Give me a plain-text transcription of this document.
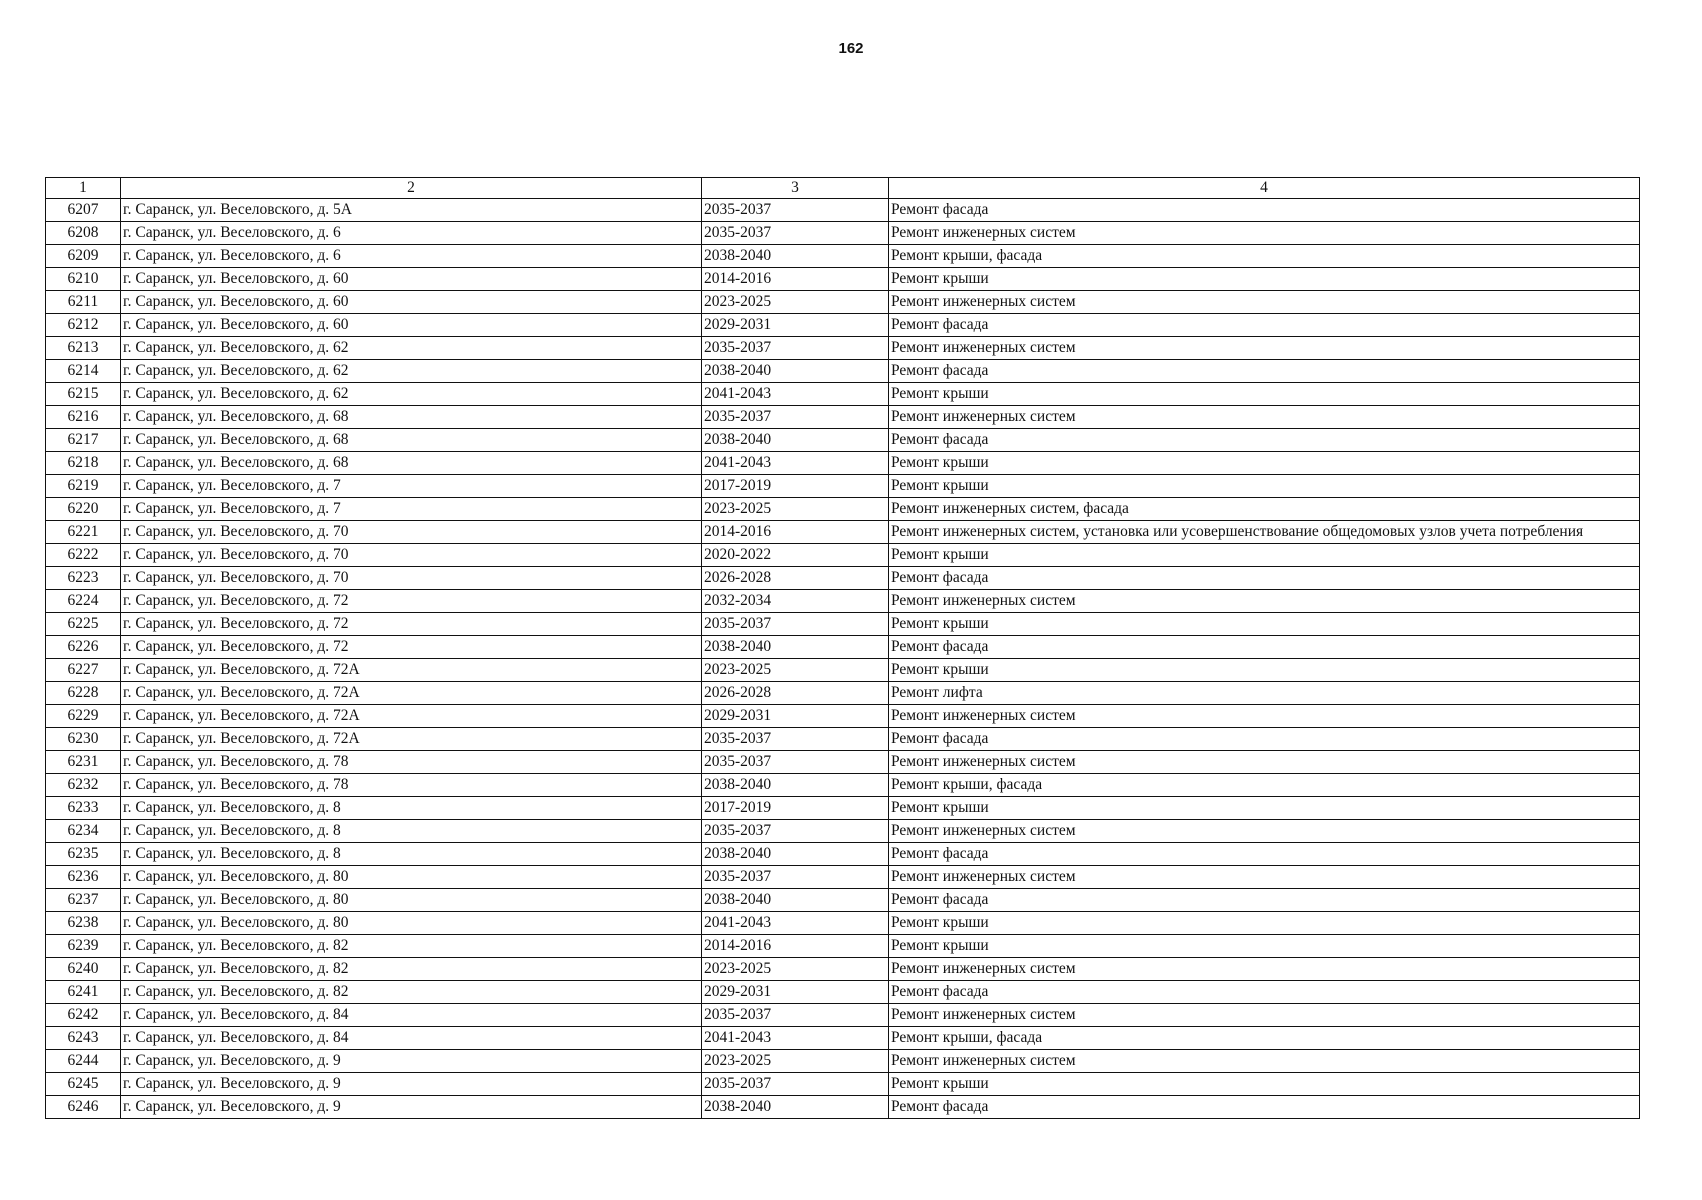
162
1	2	3	4
6207	г. Саранск, ул. Веселовского, д. 5А	2035-2037	Ремонт фасада
6208	г. Саранск, ул. Веселовского, д. 6	2035-2037	Ремонт инженерных систем
6209	г. Саранск, ул. Веселовского, д. 6	2038-2040	Ремонт крыши, фасада
6210	г. Саранск, ул. Веселовского, д. 60	2014-2016	Ремонт крыши
6211	г. Саранск, ул. Веселовского, д. 60	2023-2025	Ремонт инженерных систем
6212	г. Саранск, ул. Веселовского, д. 60	2029-2031	Ремонт фасада
6213	г. Саранск, ул. Веселовского, д. 62	2035-2037	Ремонт инженерных систем
6214	г. Саранск, ул. Веселовского, д. 62	2038-2040	Ремонт фасада
6215	г. Саранск, ул. Веселовского, д. 62	2041-2043	Ремонт крыши
6216	г. Саранск, ул. Веселовского, д. 68	2035-2037	Ремонт инженерных систем
6217	г. Саранск, ул. Веселовского, д. 68	2038-2040	Ремонт фасада
6218	г. Саранск, ул. Веселовского, д. 68	2041-2043	Ремонт крыши
6219	г. Саранск, ул. Веселовского, д. 7	2017-2019	Ремонт крыши
6220	г. Саранск, ул. Веселовского, д. 7	2023-2025	Ремонт инженерных систем, фасада
6221	г. Саранск, ул. Веселовского, д. 70	2014-2016	Ремонт инженерных систем, установка или усовершенствование общедомовых узлов учета потребления
6222	г. Саранск, ул. Веселовского, д. 70	2020-2022	Ремонт крыши
6223	г. Саранск, ул. Веселовского, д. 70	2026-2028	Ремонт фасада
6224	г. Саранск, ул. Веселовского, д. 72	2032-2034	Ремонт инженерных систем
6225	г. Саранск, ул. Веселовского, д. 72	2035-2037	Ремонт крыши
6226	г. Саранск, ул. Веселовского, д. 72	2038-2040	Ремонт фасада
6227	г. Саранск, ул. Веселовского, д. 72А	2023-2025	Ремонт крыши
6228	г. Саранск, ул. Веселовского, д. 72А	2026-2028	Ремонт лифта
6229	г. Саранск, ул. Веселовского, д. 72А	2029-2031	Ремонт инженерных систем
6230	г. Саранск, ул. Веселовского, д. 72А	2035-2037	Ремонт фасада
6231	г. Саранск, ул. Веселовского, д. 78	2035-2037	Ремонт инженерных систем
6232	г. Саранск, ул. Веселовского, д. 78	2038-2040	Ремонт крыши, фасада
6233	г. Саранск, ул. Веселовского, д. 8	2017-2019	Ремонт крыши
6234	г. Саранск, ул. Веселовского, д. 8	2035-2037	Ремонт инженерных систем
6235	г. Саранск, ул. Веселовского, д. 8	2038-2040	Ремонт фасада
6236	г. Саранск, ул. Веселовского, д. 80	2035-2037	Ремонт инженерных систем
6237	г. Саранск, ул. Веселовского, д. 80	2038-2040	Ремонт фасада
6238	г. Саранск, ул. Веселовского, д. 80	2041-2043	Ремонт крыши
6239	г. Саранск, ул. Веселовского, д. 82	2014-2016	Ремонт крыши
6240	г. Саранск, ул. Веселовского, д. 82	2023-2025	Ремонт инженерных систем
6241	г. Саранск, ул. Веселовского, д. 82	2029-2031	Ремонт фасада
6242	г. Саранск, ул. Веселовского, д. 84	2035-2037	Ремонт инженерных систем
6243	г. Саранск, ул. Веселовского, д. 84	2041-2043	Ремонт крыши, фасада
6244	г. Саранск, ул. Веселовского, д. 9	2023-2025	Ремонт инженерных систем
6245	г. Саранск, ул. Веселовского, д. 9	2035-2037	Ремонт крыши
6246	г. Саранск, ул. Веселовского, д. 9	2038-2040	Ремонт фасада
